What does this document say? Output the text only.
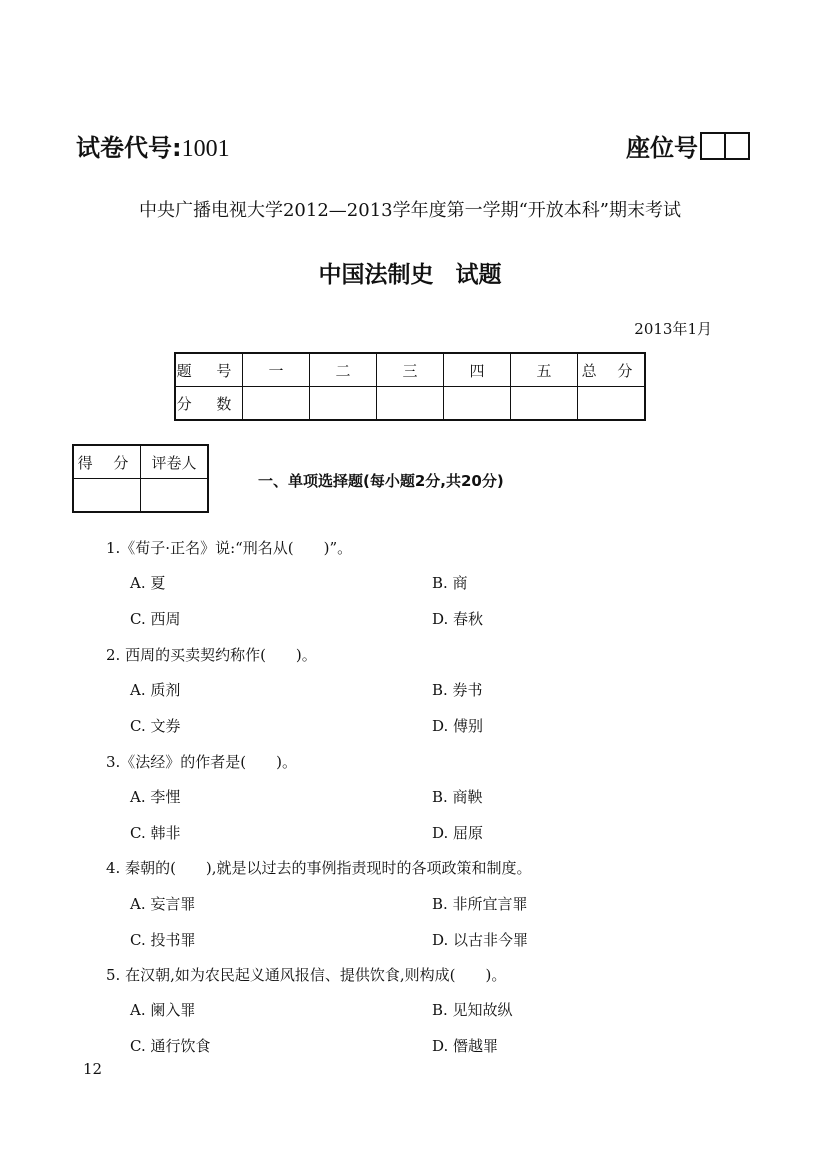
试卷代号:1001	座位号
中央广播电视大学2012—2013学年度第一学期“开放本科”期末考试
中国法制史 试题
2013年1月
题 号	一	二	三	四	五	总 分
分 数						
得 分	评卷人

一、单项选择题(每小题2分,共20分)
1.《荀子·正名》说:“刑名从(　　)”。
A. 夏	B. 商
C. 西周	D. 春秋
2. 西周的买卖契约称作(　　)。
A. 质剂	B. 券书
C. 文券	D. 傅别
3.《法经》的作者是(　　)。
A. 李悝	B. 商鞅
C. 韩非	D. 屈原
4. 秦朝的(　　),就是以过去的事例指责现时的各项政策和制度。
A. 妄言罪	B. 非所宜言罪
C. 投书罪	D. 以古非今罪
5. 在汉朝,如为农民起义通风报信、提供饮食,则构成(　　)。
A. 阑入罪	B. 见知故纵
C. 通行饮食	D. 僭越罪
12
